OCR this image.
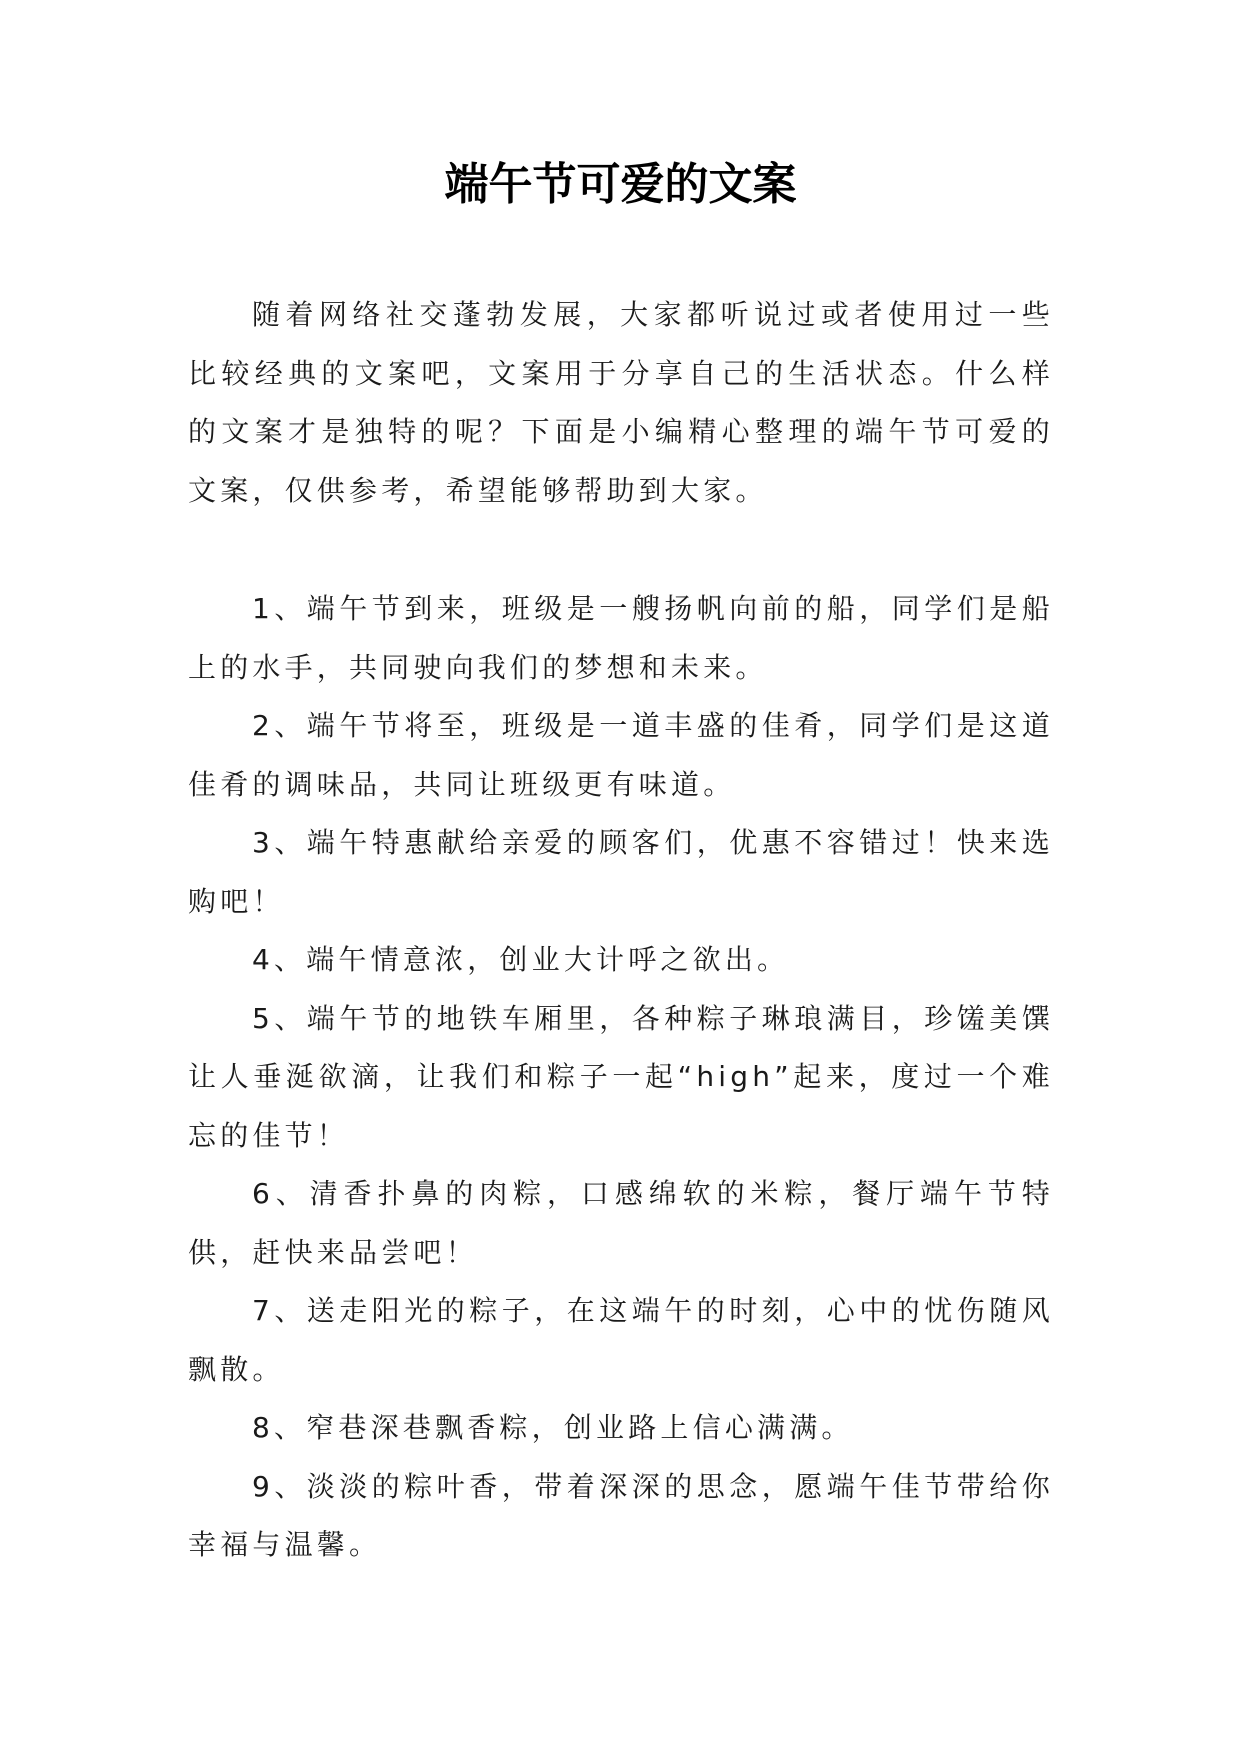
端午节可爱的文案

随着网络社交蓬勃发展，大家都听说过或者使用过一些比较经典的文案吧，文案用于分享自己的生活状态。什么样的文案才是独特的呢？下面是小编精心整理的端午节可爱的文案，仅供参考，希望能够帮助到大家。

1、端午节到来，班级是一艘扬帆向前的船，同学们是船上的水手，共同驶向我们的梦想和未来。

2、端午节将至，班级是一道丰盛的佳肴，同学们是这道佳肴的调味品，共同让班级更有味道。

3、端午特惠献给亲爱的顾客们，优惠不容错过！快来选购吧！

4、端午情意浓，创业大计呼之欲出。

5、端午节的地铁车厢里，各种粽子琳琅满目，珍馐美馔让人垂涎欲滴，让我们和粽子一起“high”起来，度过一个难忘的佳节！

6、清香扑鼻的肉粽，口感绵软的米粽，餐厅端午节特供，赶快来品尝吧！

7、送走阳光的粽子，在这端午的时刻，心中的忧伤随风飘散。

8、窄巷深巷飘香粽，创业路上信心满满。

9、淡淡的粽叶香，带着深深的思念，愿端午佳节带给你幸福与温馨。
